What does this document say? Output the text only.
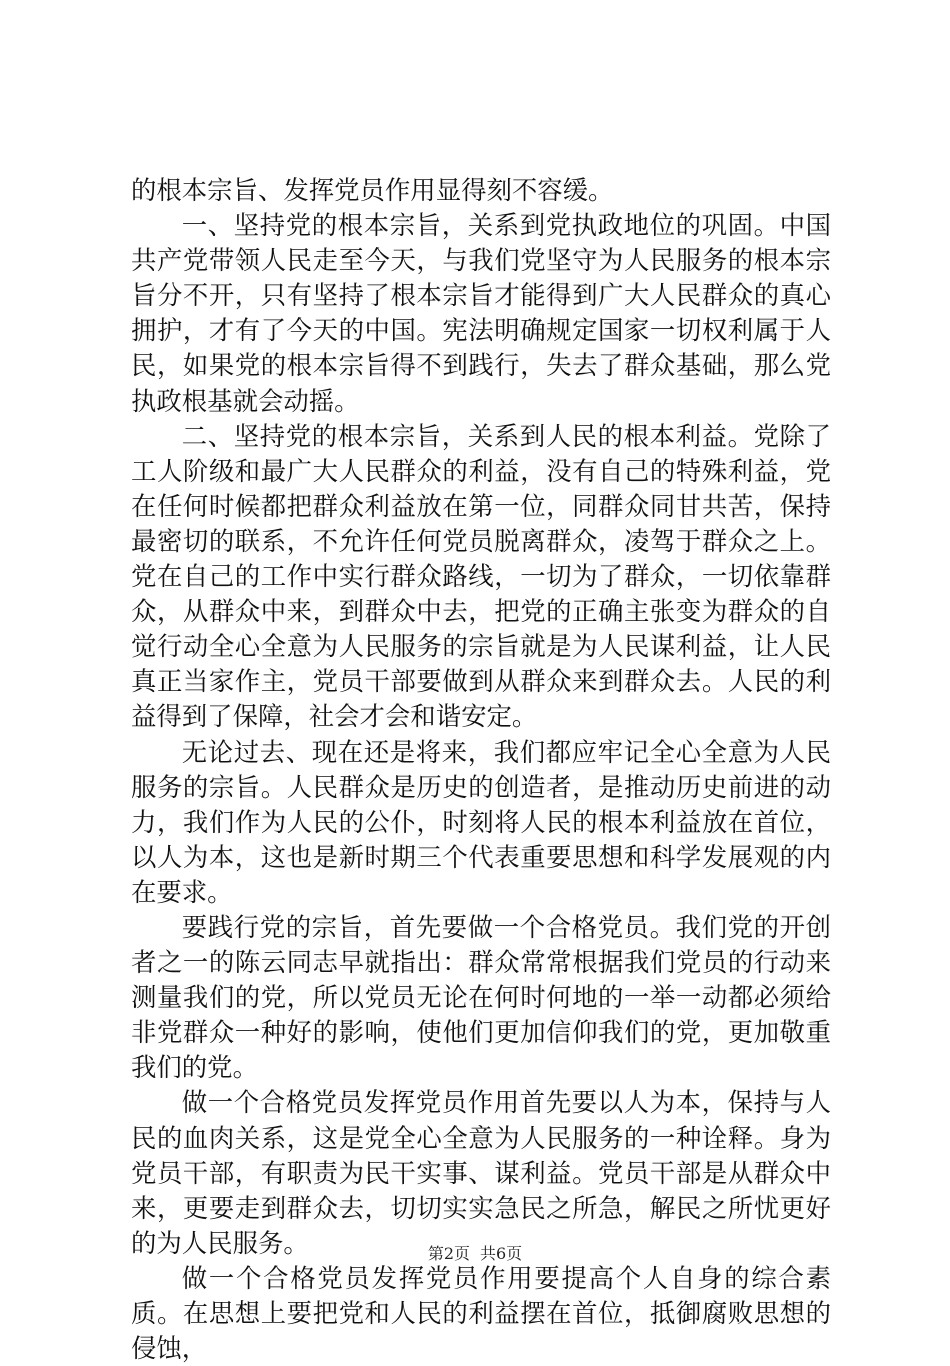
的根本宗旨、发挥党员作用显得刻不容缓。

一、坚持党的根本宗旨，关系到党执政地位的巩固。中国共产党带领人民走至今天，与我们党坚守为人民服务的根本宗旨分不开，只有坚持了根本宗旨才能得到广大人民群众的真心拥护，才有了今天的中国。宪法明确规定国家一切权利属于人民，如果党的根本宗旨得不到践行，失去了群众基础，那么党执政根基就会动摇。

二、坚持党的根本宗旨，关系到人民的根本利益。党除了工人阶级和最广大人民群众的利益，没有自己的特殊利益，党在任何时候都把群众利益放在第一位，同群众同甘共苦，保持最密切的联系，不允许任何党员脱离群众，凌驾于群众之上。党在自己的工作中实行群众路线，一切为了群众，一切依靠群众，从群众中来，到群众中去，把党的正确主张变为群众的自觉行动全心全意为人民服务的宗旨就是为人民谋利益，让人民真正当家作主，党员干部要做到从群众来到群众去。人民的利益得到了保障，社会才会和谐安定。

无论过去、现在还是将来，我们都应牢记全心全意为人民服务的宗旨。人民群众是历史的创造者，是推动历史前进的动力，我们作为人民的公仆，时刻将人民的根本利益放在首位，以人为本，这也是新时期三个代表重要思想和科学发展观的内在要求。

要践行党的宗旨，首先要做一个合格党员。我们党的开创者之一的陈云同志早就指出：群众常常根据我们党员的行动来测量我们的党，所以党员无论在何时何地的一举一动都必须给非党群众一种好的影响，使他们更加信仰我们的党，更加敬重我们的党。

做一个合格党员发挥党员作用首先要以人为本，保持与人民的血肉关系，这是党全心全意为人民服务的一种诠释。身为党员干部，有职责为民干实事、谋利益。党员干部是从群众中来，更要走到群众去，切切实实急民之所急，解民之所忧更好的为人民服务。

做一个合格党员发挥党员作用要提高个人自身的综合素质。在思想上要把党和人民的利益摆在首位，抵御腐败思想的侵蚀，

第2页 共6页
